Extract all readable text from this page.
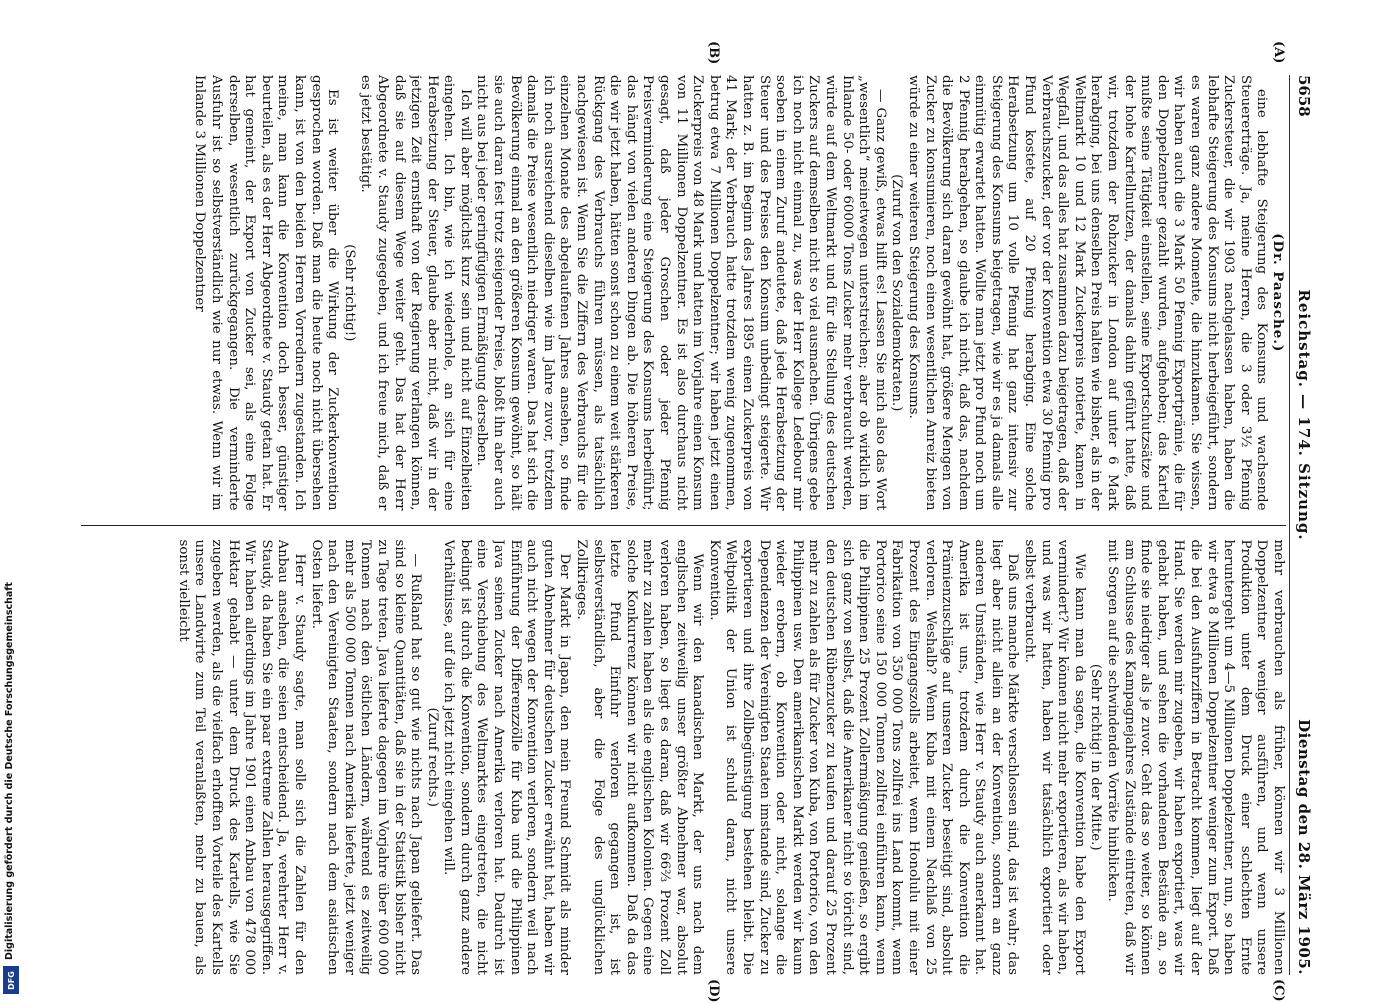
5658
Reichstag. — 174. Sitzung.
Dienstag den 28. März 1905.

(Dr. Paasche.)

eine lebhafte Steigerung des Konsums und wachsende Steuererträge. Ja, meine Herren, die 3 oder 3½ Pfennig Zuckersteuer, die wir 1903 nachgelassen haben, haben die lebhafte Steigerung des Konsums nicht herbeigeführt, sondern es waren ganz andere Momente, die hinzukamen. Sie wissen, wir haben auch die 3 Mark 50 Pfennig Exportprämie, die für den Doppelzentner gezahlt wurden, aufgehoben; das Kartell mußte seine Tätigkeit einstellen, seine Exportschutzsätze und der hohe Kartellnutzen, der damals dahin geführt hatte, daß wir, trotzdem der Rohzucker in London auf unter 6 Mark herabging, bei uns denselben Preis halten wie bisher, als in der Weltmarkt 10 und 12 Mark Zuckerpreis notierte, kamen in Wegfall, und das alles hat zusammen dazu beigetragen, daß der Verbrauchszucker, der vor der Konvention etwa 30 Pfennig pro Pfund kostete, auf 20 Pfennig herabging. Eine solche Herabsetzung um 10 volle Pfennig hat ganz intensiv zur Steigerung des Konsums beigetragen, wie wir es ja damals alle einmütig erwartet hatten. Wollte man jetzt pro Pfund noch um 2 Pfennig herabgehen, so glaube ich nicht, daß das, nachdem die Bevölkerung sich daran gewöhnt hat, größere Mengen von Zucker zu konsumieren, noch einen wesentlichen Anreiz bieten würde zu einer weiteren Steigerung des Konsums.

(Zuruf von den Sozialdemokraten.)

— Ganz gewiß, etwas hilft es! Lassen Sie mich also das Wort „wesentlich“ meinetwegen unterstreichen; aber ob wirklich im Inlande 50- oder 60000 Tons Zucker mehr verbraucht werden, würde auf dem Weltmarkt und für die Stellung des deutschen Zuckers auf demselben nicht so viel ausmachen. Übrigens gebe ich noch nicht einmal zu, was der Herr Kollege Ledebour mir soeben in einem Zuruf andeutete, daß jede Herabsetzung der Steuer und des Preises den Konsum unbedingt steigerte. Wir hatten z. B. im Beginn des Jahres 1895 einen Zuckerpreis von 41 Mark; der Verbrauch hatte trotzdem wenig zugenommen, betrug etwa 7 Millionen Doppelzentner; wir haben jetzt einen Zuckerpreis von 48 Mark und hatten im Vorjahre einen Konsum von 11 Millionen Doppelzentner. Es ist also durchaus nicht gesagt, daß jeder Groschen oder jeder Pfennig Preisverminderung eine Steigerung des Konsums herbeiführt; das hängt von vielen anderen Dingen ab. Die höheren Preise, die wir jetzt haben, hätten sonst schon zu einem weit stärkeren Rückgang des Verbrauchs führen müssen, als tatsächlich nachgewiesen ist. Wenn Sie die Ziffern des Verbrauchs für die einzelnen Monate des abgelaufenen Jahres ansehen, so finde ich noch ausreichend dieselben wie im Jahre zuvor, trotzdem damals die Preise wesentlich niedriger waren. Das hat sich die Bevölkerung einmal an den größeren Konsum gewöhnt, so hält sie auch daran fest trotz steigender Preise, bloßt ihn aber auch nicht aus bei jeder geringfügigen Ermäßigung derselben.

Ich will aber möglichst kurz sein und nicht auf Einzelheiten eingehen. Ich bin, wie ich wiederhole, an sich für eine Herabsetzung der Steuer, glaube aber nicht, daß wir in der jetzigen Zeit ernsthaft von der Regierung verlangen können, daß sie auf diesem Wege weiter geht. Das hat der Herr Abgeordnete v. Staudy zugegeben, und ich freue mich, daß er es jetzt bestätigt.

(Sehr richtig!)

Es ist weiter über die Wirkung der Zuckerkonvention gesprochen worden. Daß man die heute noch nicht übersehen kann, ist von den beiden Herren Vorrednern zugestanden. Ich meine, man kann die Konvention doch besser, günstiger beurteilen, als es der Herr Abgeordnete v. Staudy getan hat. Er hat gemeint, der Export von Zucker sei, als eine Folge derselben, wesentlich zurückgegangen. Die verminderte Ausfuhr ist so selbstverständlich wie nur etwas. Wenn wir im Inlande 3 Millionen Doppelzentner

mehr verbrauchen als früher, können wir 3 Millionen Doppelzentner weniger ausführen, und wenn unsere Produktion unter dem Druck einer schlechten Ernte heruntergeht um 4—5 Millionen Doppelzentner, nun, so haben wir etwa 8 Millionen Doppelzentner weniger zum Export. Daß die bei den Ausfuhrziffern in Betracht kommen, liegt auf der Hand. Sie werden mir zugeben, wir haben exportiert, was wir gehabt haben, und sehen die vorhandenen Bestände an, so finde sie niedriger als je zuvor. Geht das so weiter, so können am Schlusse des Kampagnejahres Zustände eintreten, daß wir mit Sorgen auf die schwindenden Vorräte hinblicken.

(Sehr richtig! in der Mitte.)

Wie kann man da sagen, die Konvention habe den Export vermindert? Wir können nicht mehr exportieren, als wir haben, und was wir hatten, haben wir tatsächlich exportiert oder selbst verbraucht.

Daß uns manche Märkte verschlossen sind, das ist wahr; das liegt aber nicht allein an der Konvention, sondern an ganz anderen Umständen, wie Herr v. Staudy auch anerkannt hat. Amerika ist uns, trotzdem durch die Konvention die Prämienzuschläge auf unseren Zucker beseitigt sind, absolut verloren. Weshalb? Wenn Kuba mit einem Nachlaß von 25 Prozent des Eingangszolls arbeitet, wenn Honolulu mit einer Fabrikation von 350 000 Tons zollfrei ins Land kommt, wenn Portorico seine 150 000 Tonnen zollfrei einführen kann, wenn die Philippinen 25 Prozent Zollermäßigung genießen, so ergibt sich ganz von selbst, daß die Amerikaner nicht so töricht sind, den deutschen Rübenzucker zu kaufen und darauf 25 Prozent mehr zu zahlen als für Zucker von Kuba, von Portorico, von den Philippinen usw. Den amerikanischen Markt werden wir kaum wieder erobern, ob Konvention oder nicht, solange die Dependenzen der Vereinigten Staaten imstande sind, Zucker zu exportieren und ihre Zollbegünstigung bestehen bleibt. Die Weltpolitik der Union ist schuld daran, nicht unsere Konvention.

Wenn wir den kanadischen Markt, der uns nach dem englischen zeitweilig unser größter Abnehmer war, absolut verloren haben, so liegt es daran, daß wir 66⅔ Prozent Zoll mehr zu zahlen haben als die englischen Kolonien. Gegen eine solche Konkurrenz können wir nicht aufkommen. Daß da das letzte Pfund Einfuhr verloren gegangen ist, ist selbstverständlich, aber die Folge des unglücklichen Zollkrieges.

Der Markt in Japan, den mein Freund Schmidt als minder guten Abnehmer für deutschen Zucker erwähnt hat, haben wir auch nicht wegen der Konvention verloren, sondern weil nach Einführung der Differenzzölle für Kuba und die Philippinen Java seinen Zucker nach Amerika verloren hat. Dadurch ist eine Verschiebung des Weltmarktes eingetreten, die nicht bedingt ist durch die Konvention, sondern durch ganz andere Verhältnisse, auf die ich jetzt nicht eingehen will.

(Zuruf rechts.)

— Rußland hat so gut wie nichts nach Japan geliefert. Das sind so kleine Quantitäten, daß sie in der Statistik bisher nicht zu Tage treten. Java lieferte dagegen im Vorjahre über 600 000 Tonnen nach den östlichen Ländern, während es zeitweilig mehr als 500 000 Tonnen nach Amerika lieferte, jetzt weniger nach den Vereinigten Staaten, sondern nach dem asiatischen Osten liefert.

Herr v. Staudy sagte, man solle sich die Zahlen für den Anbau ansehen, die seien entscheidend. Ja, verehrter Herr v. Staudy, da haben Sie ein paar extreme Zahlen herausgegriffen. Wir haben allerdings im Jahre 1901 einen Anbau von 478 000 Hektar gehabt — unter dem Druck des Kartells, wie Sie zugeben werden, als die vielfach erhofften Vorteile des Kartells unsere Landwirte zum Teil veranlaßten, mehr zu bauen, als sonst vielleicht

(A)
(B)
(C)
(D)
Digitalisierung gefördert durch die Deutsche Forschungsgemeinschaft
DFG
